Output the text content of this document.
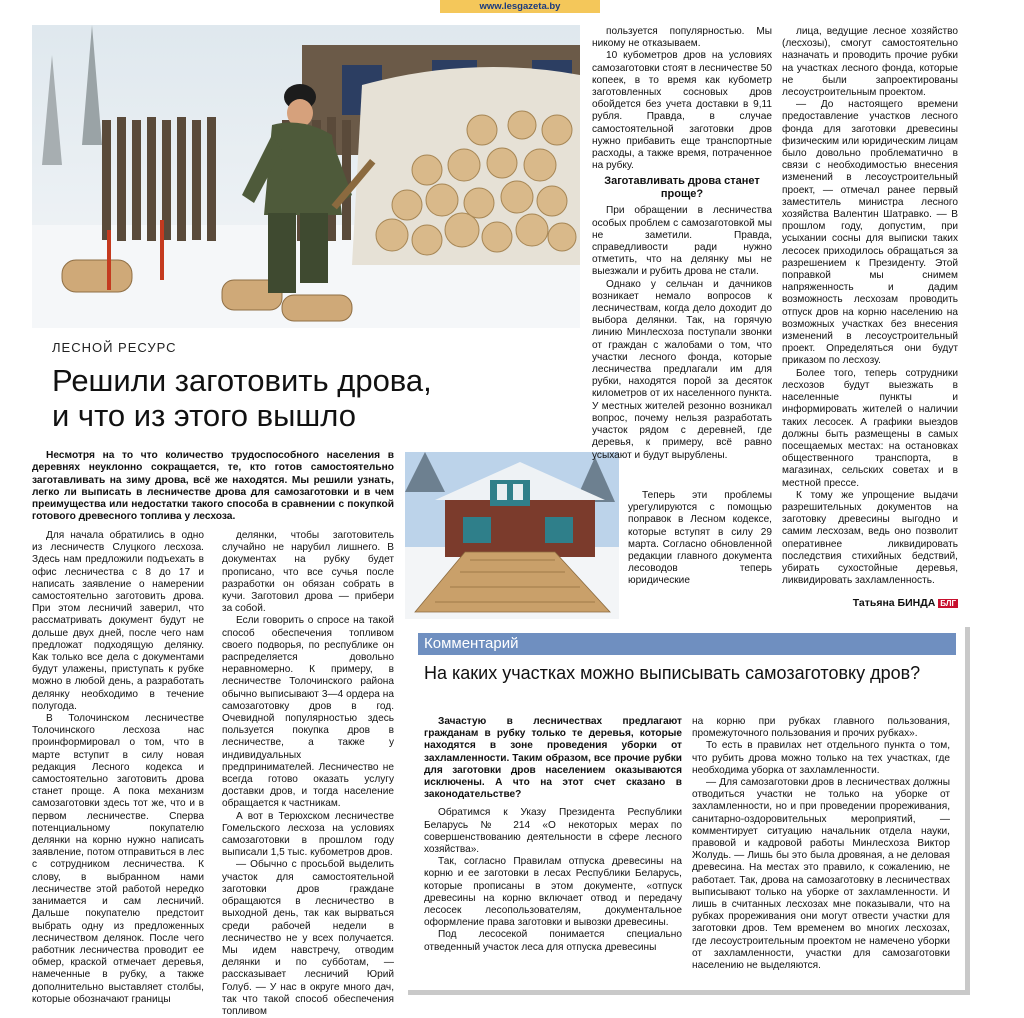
www.lesgazeta.by
ЛЕСНОЙ РЕСУРС
Решили заготовить дрова,
и что из этого вышло
Несмотря на то что количество трудоспособного населения в деревнях неуклонно сокращается, те, кто готов самостоятельно заготавливать на зиму дрова, всё же находятся. Мы решили узнать, легко ли выписать в лесничестве дрова для самозаготовки и в чем преимущества или недостатки такого способа в сравнении с покупкой готового древесного топлива у лесхоза.

Для начала обратились в одно из лесничеств Слуцкого лесхоза. Здесь нам предложили подъехать в офис лесничества с 8 до 17 и написать заявление о намерении самостоятельно заготовить дрова. При этом лесничий заверил, что рассматривать документ будут не дольше двух дней, после чего нам предложат подходящую делянку. Как только все дела с документами будут улажены, приступать к рубке можно в любой день, а разработать делянку необходимо в течение полугода.

В Толочинском лесничестве Толочинского лесхоза нас проинформировал о том, что в марте вступит в силу новая редакция Лесного кодекса и самостоятельно заготовить дрова станет проще. А пока механизм самозаготовки здесь тот же, что и в первом лесничестве. Сперва потенциальному покупателю делянки на корню нужно написать заявление, потом отправиться в лес с сотрудником лесничества. К слову, в выбранном нами лесничестве этой работой нередко занимается и сам лесничий. Дальше покупателю предстоит выбрать одну из предложенных лесничеством делянок. После чего работник лесничества проводит ее обмер, краской отмечает деревья, намеченные в рубку, а также дополнительно выставляет столбы, которые обозначают границы

делянки, чтобы заготовитель случайно не нарубил лишнего. В документах на рубку будет прописано, что все сучья после разработки он обязан собрать в кучи. Заготовил дрова — прибери за собой.

Если говорить о спросе на такой способ обеспечения топливом своего подворья, по республике он распределяется довольно неравномерно. К примеру, в лесничестве Толочинского района обычно выписывают 3—4 ордера на самозаготовку дров в год. Очевидной популярностью здесь пользуется покупка дров в лесничестве, а также у индивидуальных предпринимателей. Лесничество не всегда готово оказать услугу доставки дров, и тогда население обращается к частникам.

А вот в Терюхском лесничестве Гомельского лесхоза на условиях самозаготовки в прошлом году выписали 1,5 тыс. кубометров дров.

— Обычно с просьбой выделить участок для самостоятельной заготовки дров граждане обращаются в лесничество в выходной день, так как вырваться среди рабочей недели в лесничество не у всех получается. Мы идем навстречу, отводим делянки и по субботам, — рассказывает лесничий Юрий Голуб. — У нас в округе много дач, так что такой способ обеспечения топливом

пользуется популярностью. Мы никому не отказываем.

10 кубометров дров на условиях самозаготовки стоят в лесничестве 50 копеек, в то время как кубометр заготовленных сосновых дров обойдется без учета доставки в 9,11 рубля. Правда, в случае самостоятельной заготовки дров нужно прибавить еще транспортные расходы, а также время, потраченное на рубку.

Заготавливать дрова станет проще?

При обращении в лесничества особых проблем с самозаготовкой мы не заметили. Правда, справедливости ради нужно отметить, что на делянку мы не выезжали и рубить дрова не стали.

Однако у сельчан и дачников возникает немало вопросов к лесничествам, когда дело доходит до выбора делянки. Так, на горячую линию Минлесхоза поступали звонки от граждан с жалобами о том, что участки лесного фонда, которые лесничества предлагали им для рубки, находятся порой за десяток километров от их населенного пункта. У местных жителей резонно возникал вопрос, почему нельзя разработать участок рядом с деревней, где деревья, к примеру, всё равно усыхают и будут вырублены.

Теперь эти проблемы урегулируются с помощью поправок в Лесном кодексе, которые вступят в силу 29 марта. Согласно обновленной редакции главного документа лесоводов теперь юридические

лица, ведущие лесное хозяйство (лесхозы), смогут самостоятельно назначать и проводить прочие рубки на участках лесного фонда, которые не были запроектированы лесоустроительным проектом.

— До настоящего времени предоставление участков лесного фонда для заготовки древесины физическим или юридическим лицам было довольно проблематично в связи с необходимостью внесения изменений в лесоустроительный проект, — отмечал ранее первый заместитель министра лесного хозяйства Валентин Шатравко. — В прошлом году, допустим, при усыхании сосны для выписки таких лесосек приходилось обращаться за разрешением к Президенту. Этой поправкой мы снимем напряженность и дадим возможность лесхозам проводить отпуск дров на корню населению на возможных участках без внесения изменений в лесоустроительный проект. Определяться они будут приказом по лесхозу.

Более того, теперь сотрудники лесхозов будут выезжать в населенные пункты и информировать жителей о наличии таких лесосек. А графики выездов должны быть размещены в самых посещаемых местах: на остановках общественного транспорта, в магазинах, сельских советах и в местной прессе.

К тому же упрощение выдачи разрешительных документов на заготовку древесины выгодно и самим лесхозам, ведь оно позволит оперативнее ликвидировать последствия стихийных бедствий, убирать сухостойные деревья, ликвидировать захламленность.

Татьяна БИНДА БЛГ
Комментарий
На каких участках можно выписывать самозаготовку дров?

Зачастую в лесничествах предлагают гражданам в рубку только те деревья, которые находятся в зоне проведения уборки от захламленности. Таким образом, все прочие рубки для заготовки дров населением оказываются исключены. А что на этот счет сказано в законодательстве?

Обратимся к Указу Президента Республики Беларусь № 214 «О некоторых мерах по совершенствованию деятельности в сфере лесного хозяйства».

Так, согласно Правилам отпуска древесины на корню и ее заготовки в лесах Республики Беларусь, которые прописаны в этом документе, «отпуск древесины на корню включает отвод и передачу лесосек лесопользователям, документальное оформление права заготовки и вывозки древесины.

Под лесосекой понимается специально отведенный участок леса для отпуска древесины

на корню при рубках главного пользования, промежуточного пользования и прочих рубках».

То есть в правилах нет отдельного пункта о том, что рубить дрова можно только на тех участках, где необходима уборка от захламленности.

— Для самозаготовки дров в лесничествах должны отводиться участки не только на уборке от захламленности, но и при проведении прореживания, санитарно-оздоровительных мероприятий, — комментирует ситуацию начальник отдела науки, правовой и кадровой работы Минлесхоза Виктор Жолудь. — Лишь бы это была дровяная, а не деловая древесина. На местах это правило, к сожалению, не работает. Так, дрова на самозаготовку в лесничествах выписывают только на уборке от захламленности. И лишь в считанных лесхозах мне показывали, что на рубках прореживания они могут отвести участки для заготовки дров. Тем временем во многих лесхозах, где лесоустроительным проектом не намечено уборки от захламленности, участки для самозаготовки населению не выделяются.
